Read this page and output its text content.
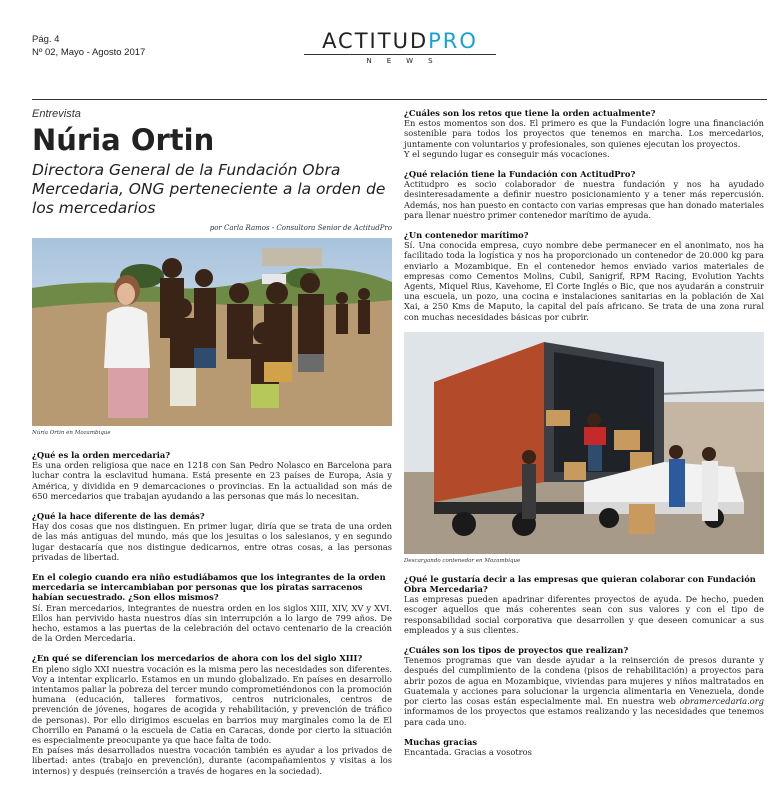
Pág. 4
Nº 02, Mayo - Agosto 2017	ACTITUDPRO
NEWS
Entrevista
Núria Ortin
Directora General de la Fundación Obra Mercedaria, ONG perteneciente a la orden de los mercedarios
por Carla Ramos - Consultora Senior de ActitudPro
Núria Ortin en Mozambique

¿Qué es la orden mercedaria?

Es una orden religiosa que nace en 1218 con San Pedro Nolasco en Barcelona para luchar contra la esclavitud humana. Está presente en 23 países de Europa, Asia y América, y dividida en 9 demarcaciones o provincias. En la actualidad son más de 650 mercedarios que trabajan ayudando a las personas que más lo necesitan.

¿Qué la hace diferente de las demás?

Hay dos cosas que nos distinguen. En primer lugar, diría que se trata de una orden de las más antiguas del mundo, más que los jesuitas o los salesianos, y en segundo lugar destacaría que nos distingue dedicarnos, entre otras cosas, a las personas privadas de libertad.

En el colegio cuando era niño estudiábamos que los integrantes de la orden mercedaria se intercambiaban por personas que los piratas sarracenos habían secuestrado. ¿Son ellos mismos?

Sí. Eran mercedarios, integrantes de nuestra orden en los siglos XIII, XIV, XV y XVI. Ellos han pervivido hasta nuestros días sin interrupción a lo largo de 799 años. De hecho, estamos a las puertas de la celebración del octavo centenario de la creación de la Orden Mercedaria.

¿En qué se diferencian los mercedarios de ahora con los del siglo XIII?

En pleno siglo XXI nuestra vocación es la misma pero las necesidades son diferentes. Voy a intentar explicarlo. Estamos en un mundo globalizado. En países en desarrollo intentamos paliar la pobreza del tercer mundo comprometiéndonos con la promoción humana (educación, talleres formativos, centros nutricionales, centros de prevención de jóvenes, hogares de acogida y rehabilitación, y prevención de tráfico de personas). Por ello dirigimos escuelas en barrios muy marginales como la de El Chorrillo en Panamá o la escuela de Catia en Caracas, donde por cierto la situación es especialmente preocupante ya que hace falta de todo.

En países más desarrollados nuestra vocación también es ayudar a los privados de libertad: antes (trabajo en prevención), durante (acompañamientos y visitas a los internos) y después (reinserción a través de hogares en la sociedad).

¿Cuáles son los retos que tiene la orden actualmente?

En estos momentos son dos. El primero es que la Fundación logre una financiación sostenible para todos los proyectos que tenemos en marcha. Los mercedarios, juntamente con voluntarios y profesionales, son quienes ejecutan los proyectos.

Y el segundo lugar es conseguir más vocaciones.

¿Qué relación tiene la Fundación con ActitudPro?

Actitudpro es socio colaborador de nuestra fundación y nos ha ayudado desinteresadamente a definir nuestro posicionamiento y a tener más repercusión. Además, nos han puesto en contacto con varias empresas que han donado materiales para llenar nuestro primer contenedor marítimo de ayuda.

¿Un contenedor marítimo?

Sí. Una conocida empresa, cuyo nombre debe permanecer en el anonimato, nos ha facilitado toda la logística y nos ha proporcionado un contenedor de 20.000 kg para enviarlo a Mozambique. En el contenedor hemos enviado varios materiales de empresas como Cementos Molins, Cubil, Sanigrif, RPM Racing, Evolution Yachts Agents, Miquel Rius, Kavehome, El Corte Inglés o Bic, que nos ayudarán a construir una escuela, un pozo, una cocina e instalaciones sanitarias en la población de Xai Xai, a 250 Kms de Maputo, la capital del país africano. Se trata de una zona rural con muchas necesidades básicas por cubrir.

Descargando contenedor en Mozambique

¿Qué le gustaría decir a las empresas que quieran colaborar con Fundación Obra Mercedaria?

Las empresas pueden apadrinar diferentes proyectos de ayuda. De hecho, pueden escoger aquellos que más coherentes sean con sus valores y con el tipo de responsabilidad social corporativa que desarrollen y que deseen comunicar a sus empleados y a sus clientes.

¿Cuáles son los tipos de proyectos que realizan?

Tenemos programas que van desde ayudar a la reinserción de presos durante y después del cumplimiento de la condena (pisos de rehabilitación) a proyectos para abrir pozos de agua en Mozambique, viviendas para mujeres y niños maltratados en Guatemala y acciones para solucionar la urgencia alimentaria en Venezuela, donde por cierto las cosas están especialmente mal. En nuestra web obramercedaria.org informamos de los proyectos que estamos realizando y las necesidades que tenemos para cada uno.

Muchas gracias

Encantada. Gracias a vosotros
